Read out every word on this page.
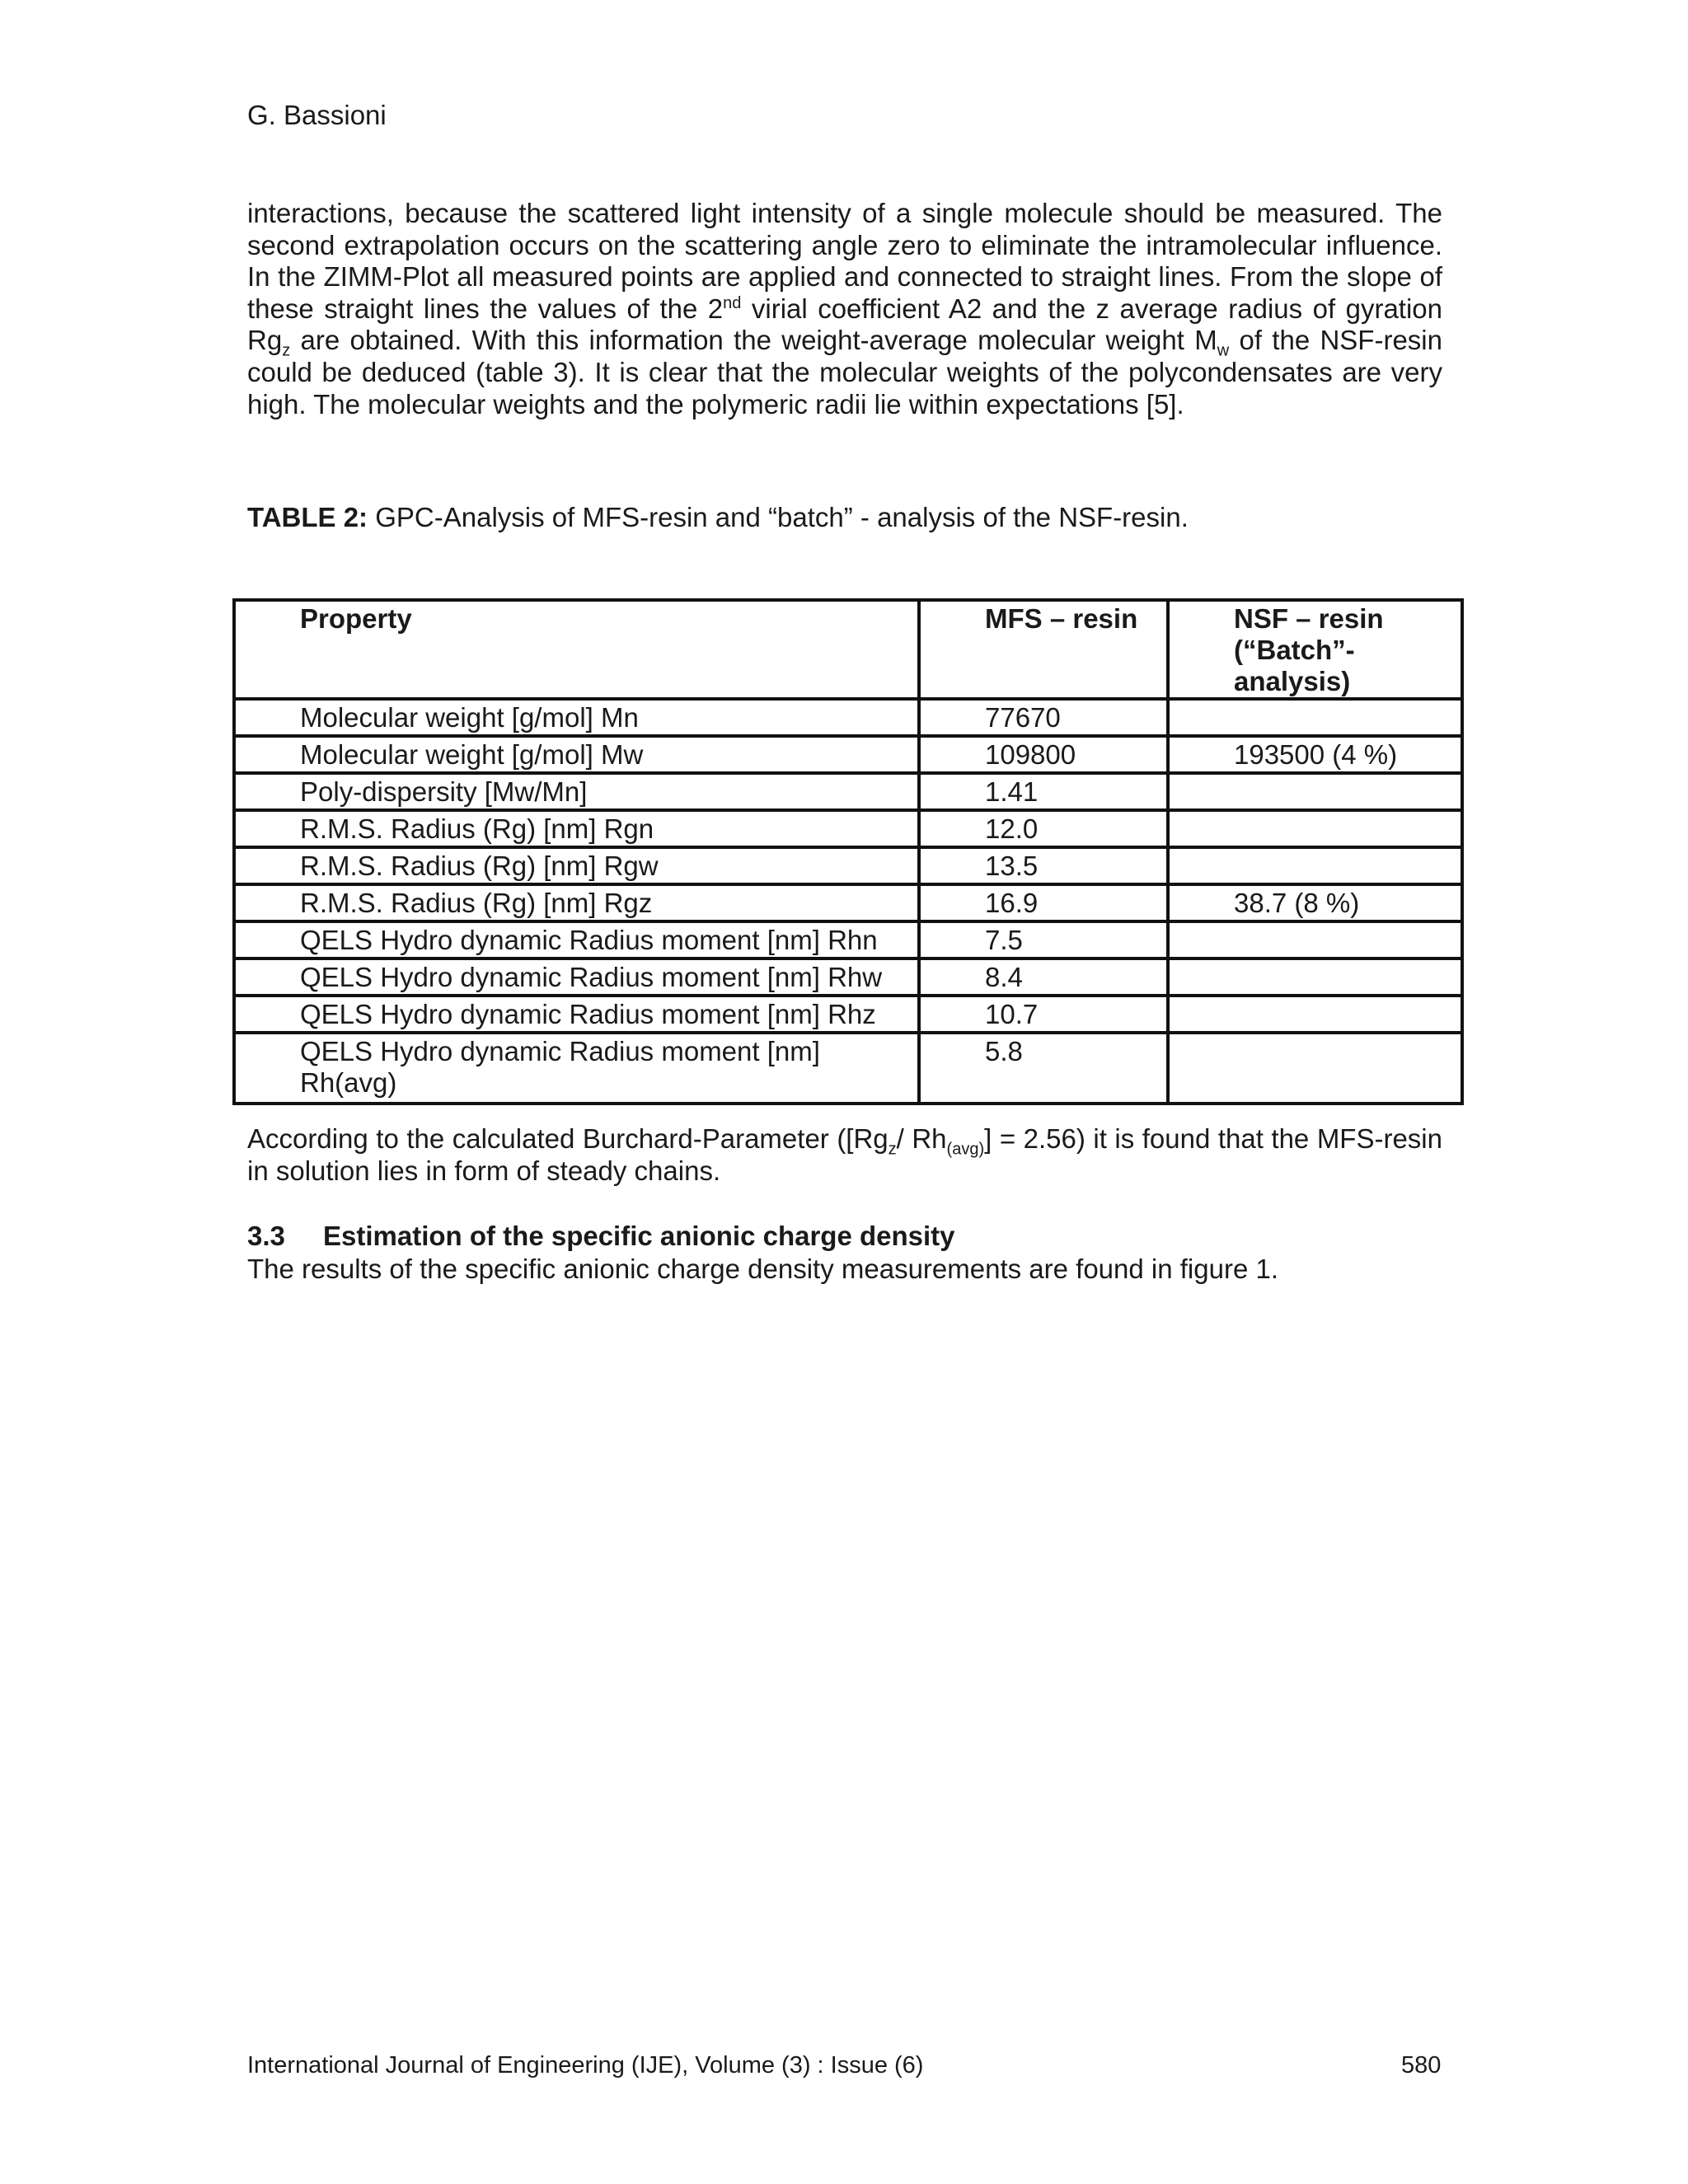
G. Bassioni
interactions, because the scattered light intensity of a single molecule should be measured. The second extrapolation occurs on the scattering angle zero to eliminate the intramolecular influence. In the ZIMM-Plot all measured points are applied and connected to straight lines. From the slope of these straight lines the values of the 2nd virial coefficient A2 and the z average radius of gyration $Rg_z$ are obtained. With this information the weight-average molecular weight $M_w$ of the NSF-resin could be deduced (table 3). It is clear that the molecular weights of the polycondensates are very high. The molecular weights and the polymeric radii lie within expectations [5].
TABLE 2: GPC-Analysis of MFS-resin and “batch” - analysis of the NSF-resin.
Property	MFS – resin	NSF – resin (“Batch”-analysis)
Molecular weight [g/mol] Mn	77670	
Molecular weight [g/mol] Mw	109800	193500 (4 %)
Poly-dispersity [Mw/Mn]	1.41	
R.M.S. Radius (Rg) [nm] Rgn	12.0	
R.M.S. Radius (Rg) [nm] Rgw	13.5	
R.M.S. Radius (Rg) [nm] Rgz	16.9	38.7 (8 %)
QELS Hydro dynamic Radius moment [nm] Rhn	7.5	
QELS Hydro dynamic Radius moment [nm] Rhw	8.4	
QELS Hydro dynamic Radius moment [nm] Rhz	10.7	
QELS Hydro dynamic Radius moment [nm] Rh(avg)	5.8	
According to the calculated Burchard-Parameter ([$Rg_z/$ $Rh_{(avg)}] = 2.56$) it is found that the MFS-resin in solution lies in form of steady chains.
3.3 Estimation of the specific anionic charge density
The results of the specific anionic charge density measurements are found in figure 1.
International Journal of Engineering (IJE), Volume (3) : Issue (6)	580
